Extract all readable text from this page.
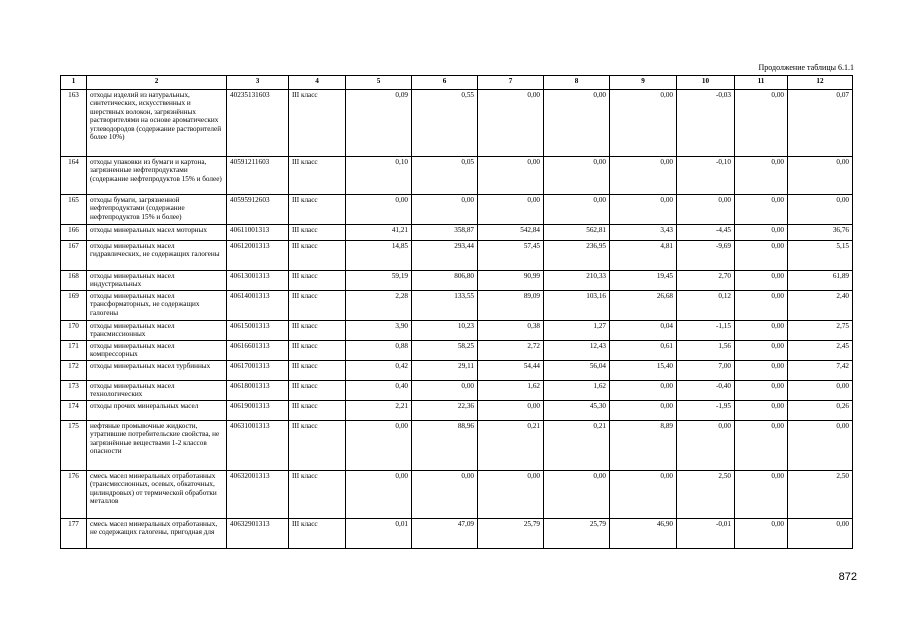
Продолжение таблицы 6.1.1
1	2	3	4	5	6	7	8	9	10	11	12
163	отходы изделий из натуральных, синтетических, искусственных и шерстяных волокон, загрязнённых растворителями на основе ароматических углеводородов (содержание растворителей более 10%)	40235131603	III класс	0,09	0,55	0,00	0,00	0,00	-0,03	0,00	0,07
164	отходы упаковки из бумаги и картона, загрязненные нефтепродуктами (содержание нефтепродуктов 15% и более)	40591211603	III класс	0,10	0,05	0,00	0,00	0,00	-0,10	0,00	0,00
165	отходы бумаги, загрязненной нефтепродуктами (содержание нефтепродуктов 15% и более)	40595912603	III класс	0,00	0,00	0,00	0,00	0,00	0,00	0,00	0,00
166	отходы минеральных масел моторных	40611001313	III класс	41,21	358,87	542,84	562,81	3,43	-4,45	0,00	36,76
167	отходы минеральных масел гидравлических, не содержащих галогены	40612001313	III класс	14,85	293,44	57,45	236,95	4,81	-9,69	0,00	5,15
168	отходы минеральных масел индустриальных	40613001313	III класс	59,19	806,80	90,99	210,33	19,45	2,70	0,00	61,89
169	отходы минеральных масел трансформаторных, не содержащих галогены	40614001313	III класс	2,28	133,55	89,09	103,16	26,68	0,12	0,00	2,40
170	отходы минеральных масел трансмиссионных	40615001313	III класс	3,90	10,23	0,38	1,27	0,04	-1,15	0,00	2,75
171	отходы минеральных масел компрессорных	40616601313	III класс	0,88	58,25	2,72	12,43	0,61	1,56	0,00	2,45
172	отходы минеральных масел турбинных	40617001313	III класс	0,42	29,11	54,44	56,04	15,40	7,00	0,00	7,42
173	отходы минеральных масел технологических	40618001313	III класс	0,40	0,00	1,62	1,62	0,00	-0,40	0,00	0,00
174	отходы прочих минеральных масел	40619001313	III класс	2,21	22,36	0,00	45,30	0,00	-1,95	0,00	0,26
175	нефтяные промывочные жидкости, утратившие потребительские свойства, не загрязнённые веществами 1-2 классов опасности	40631001313	III класс	0,00	88,96	0,21	0,21	8,89	0,00	0,00	0,00
176	смесь масел минеральных отработанных (трансмиссионных, осевых, обкаточных, цилиндровых) от термической обработки металлов	40632001313	III класс	0,00	0,00	0,00	0,00	0,00	2,50	0,00	2,50
177	смесь масел минеральных отработанных, не содержащих галогены, пригодная для	40632901313	III класс	0,01	47,09	25,79	25,79	46,90	-0,01	0,00	0,00
872
